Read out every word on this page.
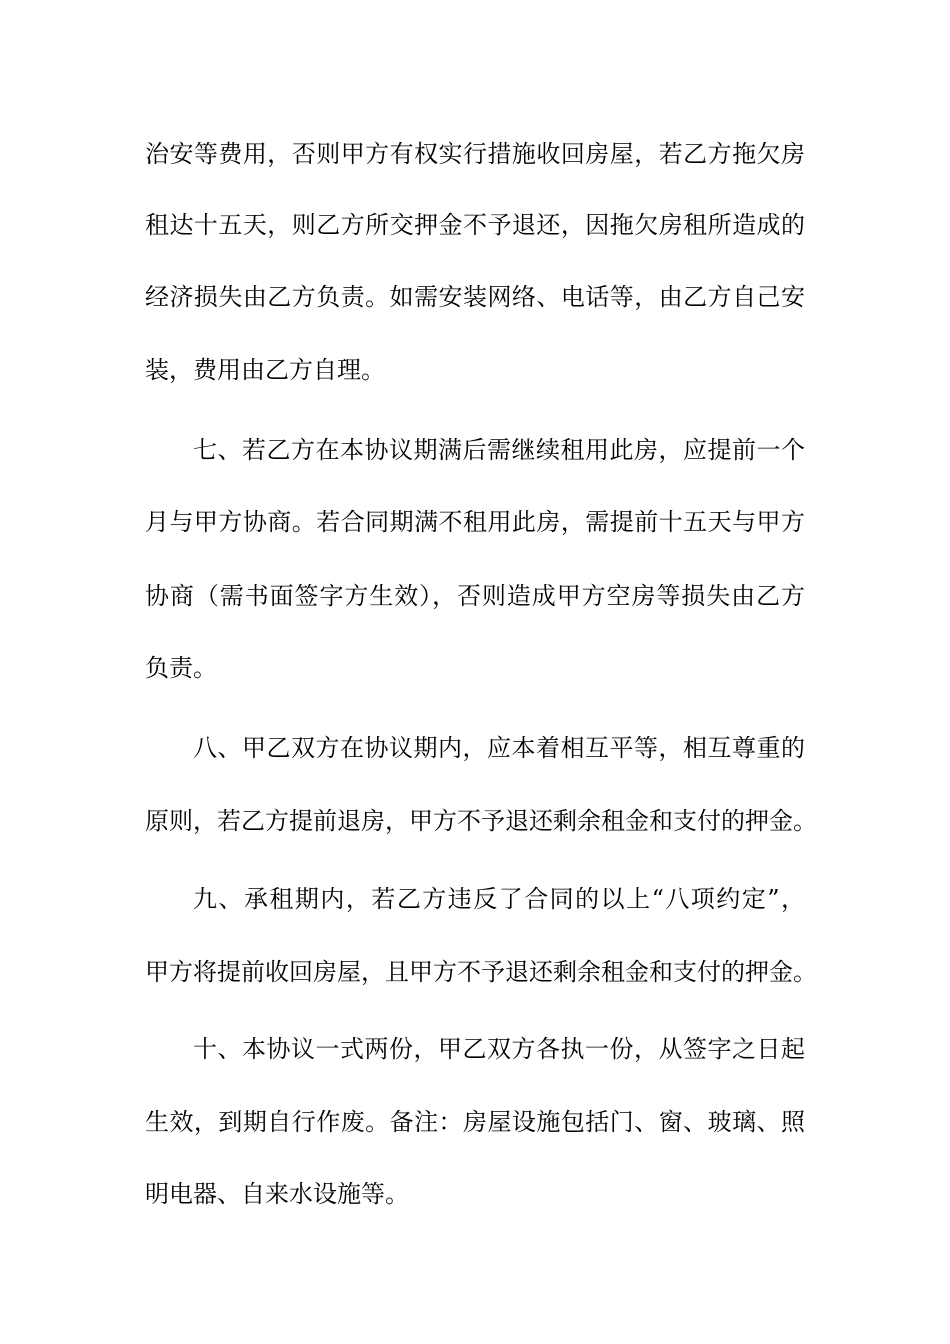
治安等费用，否则甲方有权实行措施收回房屋，若乙方拖欠房
租达十五天，则乙方所交押金不予退还，因拖欠房租所造成的
经济损失由乙方负责。如需安装网络、电话等，由乙方自己安
装，费用由乙方自理。
七、若乙方在本协议期满后需继续租用此房，应提前一个
月与甲方协商。若合同期满不租用此房，需提前十五天与甲方
协商（需书面签字方生效），否则造成甲方空房等损失由乙方
负责。
八、甲乙双方在协议期内，应本着相互平等，相互尊重的
原则，若乙方提前退房，甲方不予退还剩余租金和支付的押金。
九、承租期内，若乙方违反了合同的以上“八项约定”，
甲方将提前收回房屋，且甲方不予退还剩余租金和支付的押金。
十、本协议一式两份，甲乙双方各执一份，从签字之日起
生效，到期自行作废。备注：房屋设施包括门、窗、玻璃、照
明电器、自来水设施等。
